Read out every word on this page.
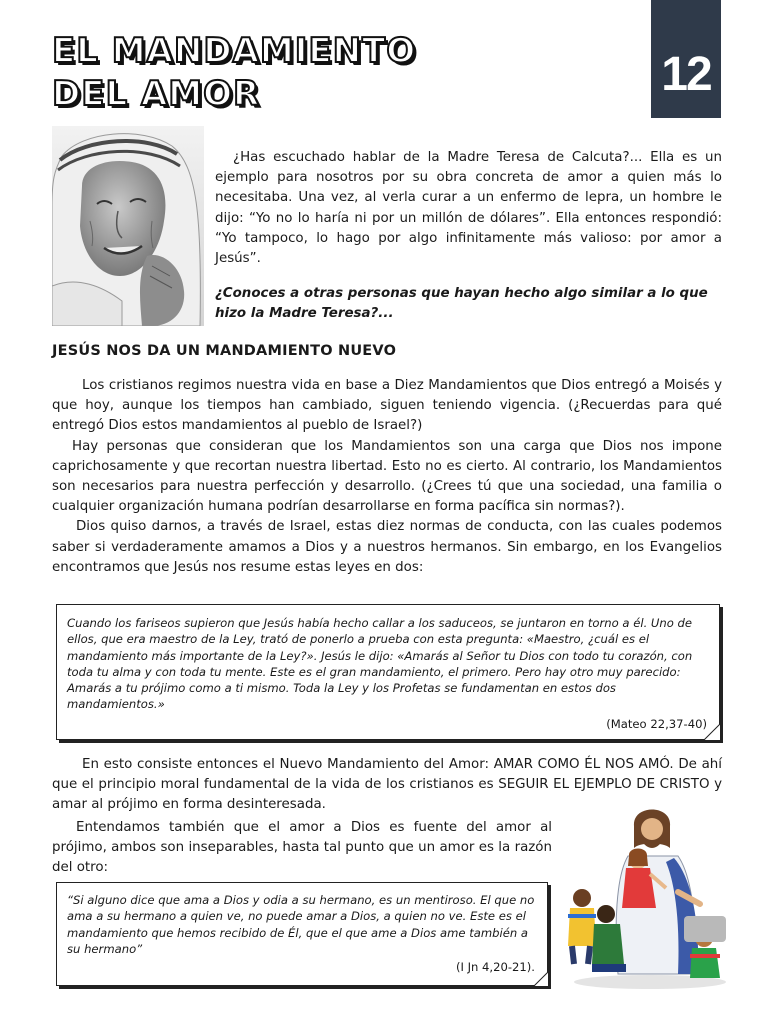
EL MANDAMIENTO
DEL AMOR	12

¿Has escuchado hablar de la Madre Teresa de Calcuta?... Ella es un ejemplo para nosotros por su obra concreta de amor a quien más lo necesitaba. Una vez, al verla curar a un enfermo de lepra, un hombre le dijo: “Yo no lo haría ni por un millón de dólares”. Ella entonces respondió: “Yo tampoco, lo hago por algo infinitamente más valioso: por amor a Jesús”.

¿Conoces a otras personas que hayan hecho algo similar a lo que hizo la Madre Teresa?...

JESÚS NOS DA UN MANDAMIENTO NUEVO

Los cristianos regimos nuestra vida en base a Diez Mandamientos que Dios entregó a Moisés y que hoy, aunque los tiempos han cambiado, siguen teniendo vigencia. (¿Recuerdas para qué entregó Dios estos mandamientos al pueblo de Israel?)

Hay personas que consideran que los Mandamientos son una carga que Dios nos impone caprichosamente y que recortan nuestra libertad. Esto no es cierto. Al contrario, los Mandamientos son necesarios para nuestra perfección y desarrollo. (¿Crees tú que una sociedad, una familia o cualquier organización humana podrían desarrollarse en forma pacífica sin normas?).

Dios quiso darnos, a través de Israel, estas diez normas de conducta, con las cuales podemos saber si verdaderamente amamos a Dios y a nuestros hermanos. Sin embargo, en los Evangelios encontramos que Jesús nos resume estas leyes en dos:

Cuando los fariseos supieron que Jesús había hecho callar a los saduceos, se juntaron en torno a él. Uno de ellos, que era maestro de la Ley, trató de ponerlo a prueba con esta pregunta: «Maestro, ¿cuál es el mandamiento más importante de la Ley?». Jesús le dijo: «Amarás al Señor tu Dios con todo tu corazón, con toda tu alma y con toda tu mente. Este es el gran mandamiento, el primero. Pero hay otro muy parecido: Amarás a tu prójimo como a ti mismo. Toda la Ley y los Profetas se fundamentan en estos dos mandamientos.»

(Mateo 22,37-40)

En esto consiste entonces el Nuevo Mandamiento del Amor: AMAR COMO ÉL NOS AMÓ. De ahí que el principio moral fundamental de la vida de los cristianos es SEGUIR EL EJEMPLO DE CRISTO y amar al prójimo en forma desinteresada.

Entendamos también que el amor a Dios es fuente del amor al prójimo, ambos son inseparables, hasta tal punto que un amor es la razón del otro:

“Si alguno dice que ama a Dios y odia a su hermano, es un mentiroso. El que no ama a su hermano a quien ve, no puede amar a Dios, a quien no ve. Este es el mandamiento que hemos recibido de Él, que el que ame a Dios ame también a su hermano”

(I Jn 4,20-21).
